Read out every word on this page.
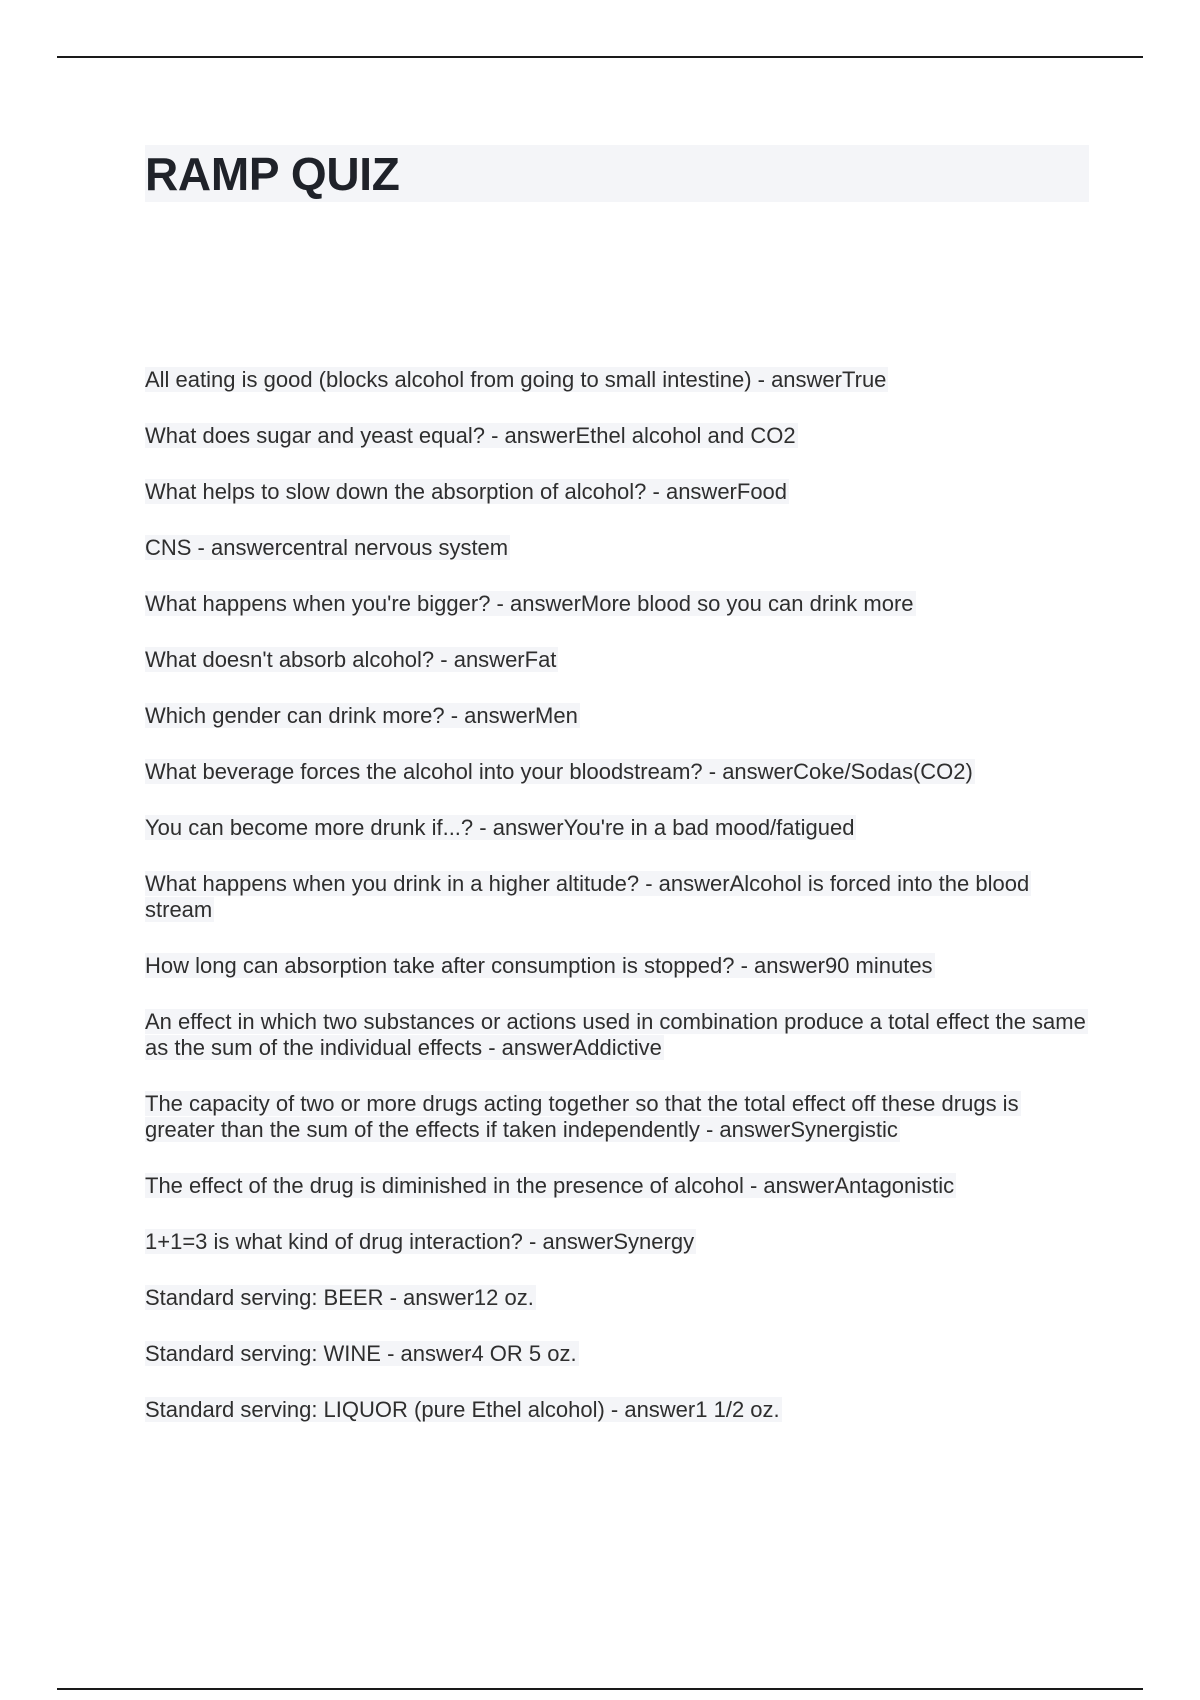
RAMP QUIZ
All eating is good (blocks alcohol from going to small intestine) - answerTrue
What does sugar and yeast equal? - answerEthel alcohol and CO2
What helps to slow down the absorption of alcohol? - answerFood
CNS - answercentral nervous system
What happens when you're bigger? - answerMore blood so you can drink more
What doesn't absorb alcohol? - answerFat
Which gender can drink more? - answerMen
What beverage forces the alcohol into your bloodstream? - answerCoke/Sodas(CO2)
You can become more drunk if...? - answerYou're in a bad mood/fatigued
What happens when you drink in a higher altitude? - answerAlcohol is forced into the blood stream
How long can absorption take after consumption is stopped? - answer90 minutes
An effect in which two substances or actions used in combination produce a total effect the same as the sum of the individual effects - answerAddictive
The capacity of two or more drugs acting together so that the total effect off these drugs is greater than the sum of the effects if taken independently - answerSynergistic
The effect of the drug is diminished in the presence of alcohol - answerAntagonistic
1+1=3 is what kind of drug interaction? - answerSynergy
Standard serving: BEER - answer12 oz.
Standard serving: WINE - answer4 OR 5 oz.
Standard serving: LIQUOR (pure Ethel alcohol) - answer1 1/2 oz.
